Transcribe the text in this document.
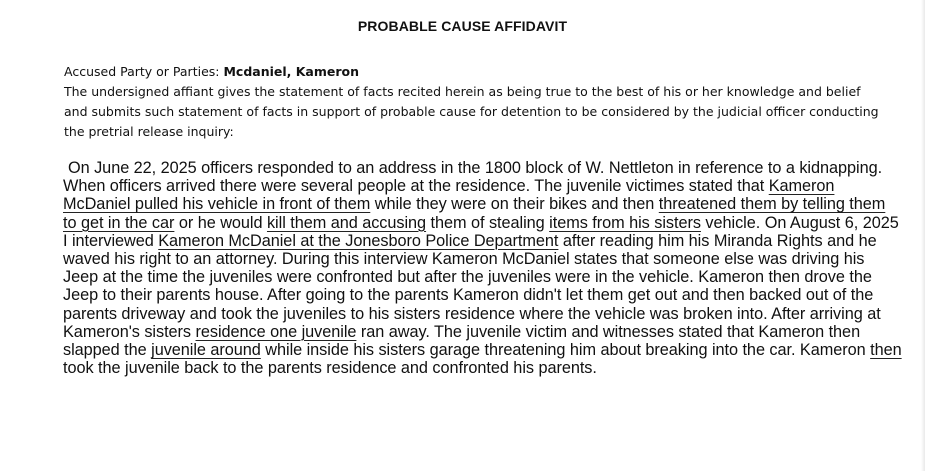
PROBABLE CAUSE AFFIDAVIT
Accused Party or Parties: Mcdaniel, Kameron
The undersigned affiant gives the statement of facts recited herein as being true to the best of his or her knowledge and belief and submits such statement of facts in support of probable cause for detention to be considered by the judicial officer conducting the pretrial release inquiry:

On June 22, 2025 officers responded to an address in the 1800 block of W. Nettleton in reference to a kidnapping. When officers arrived there were several people at the residence. The juvenile victimes stated that Kameron McDaniel pulled his vehicle in front of them while they were on their bikes and then threatened them by telling them to get in the car or he would kill them and accusing them of stealing items from his sisters vehicle. On August 6, 2025 I interviewed Kameron McDaniel at the Jonesboro Police Department after reading him his Miranda Rights and he waved his right to an attorney. During this interview Kameron McDaniel states that someone else was driving his Jeep at the time the juveniles were confronted but after the juveniles were in the vehicle. Kameron then drove the Jeep to their parents house. After going to the parents Kameron didn't let them get out and then backed out of the parents driveway and took the juveniles to his sisters residence where the vehicle was broken into. After arriving at Kameron's sisters residence one juvenile ran away. The juvenile victim and witnesses stated that Kameron then slapped the juvenile around while inside his sisters garage threatening him about breaking into the car. Kameron then took the juvenile back to the parents residence and confronted his parents.
